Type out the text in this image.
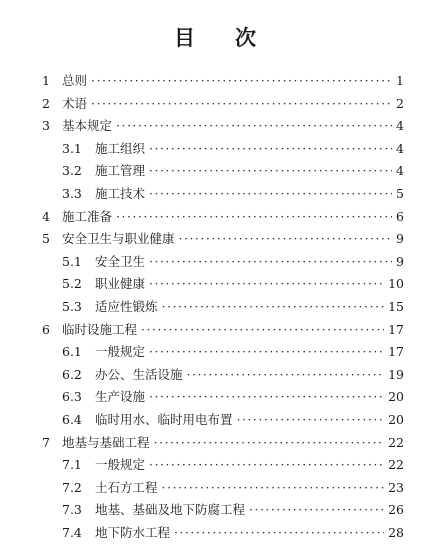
目 次
1 总则 ·····	1
2 术语 ·····	2
3 基本规定 ·····	4
3.1 施工组织 ·····	4
3.2 施工管理 ·····	4
3.3 施工技术 ·····	5
4 施工准备 ·····	6
5 安全卫生与职业健康 ·····	9
5.1 安全卫生 ·····	9
5.2 职业健康 ·····	10
5.3 适应性锻炼 ·····	15
6 临时设施工程 ·····	17
6.1 一般规定 ·····	17
6.2 办公、生活设施 ·····	19
6.3 生产设施 ·····	20
6.4 临时用水、临时用电布置 ·····	20
7 地基与基础工程 ·····	22
7.1 一般规定 ·····	22
7.2 土石方工程 ·····	23
7.3 地基、基础及地下防腐工程 ·····	26
7.4 地下防水工程 ·····	28
